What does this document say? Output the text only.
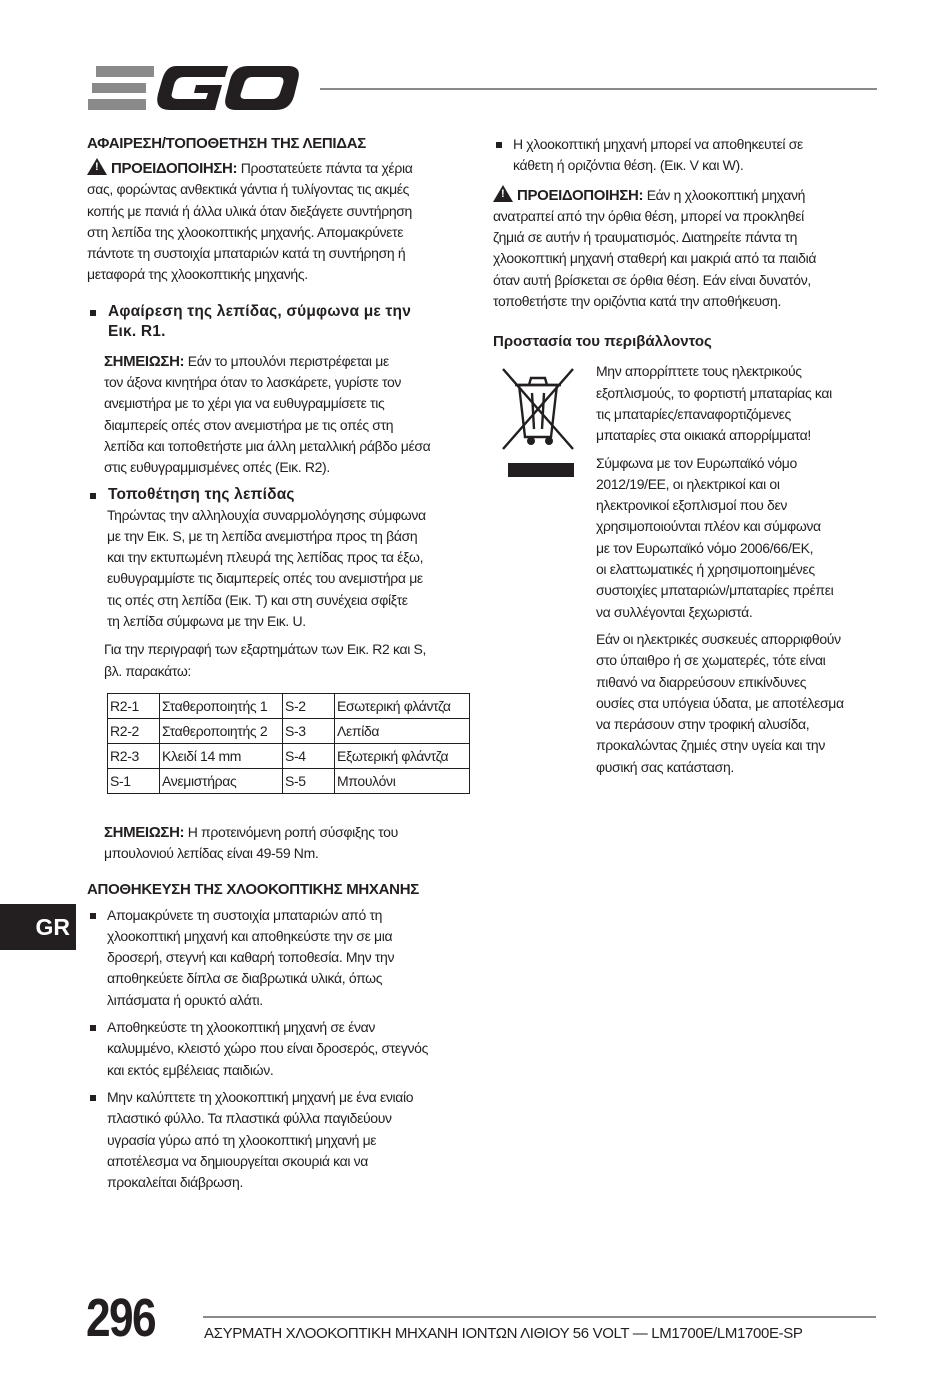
ΑΦΑΙΡΕΣΗ/ΤΟΠΟΘΕΤΗΣΗ ΤΗΣ ΛΕΠΙΔΑΣ
!ΠΡΟΕΙΔΟΠΟΙΗΣΗ: Προστατεύετε πάντα τα χέρια
σας, φορώντας ανθεκτικά γάντια ή τυλίγοντας τις ακμές
κοπής με πανιά ή άλλα υλικά όταν διεξάγετε συντήρηση
στη λεπίδα της χλοοκοπτικής μηχανής. Απομακρύνετε
πάντοτε τη συστοιχία μπαταριών κατά τη συντήρηση ή
μεταφορά της χλοοκοπτικής μηχανής.
Αφαίρεση της λεπίδας, σύμφωνα με την
Εικ. R1.
ΣΗΜΕΙΩΣΗ: Εάν το μπουλόνι περιστρέφεται με
τον άξονα κινητήρα όταν το λασκάρετε, γυρίστε τον
ανεμιστήρα με το χέρι για να ευθυγραμμίσετε τις
διαμπερείς οπές στον ανεμιστήρα με τις οπές στη
λεπίδα και τοποθετήστε μια άλλη μεταλλική ράβδο μέσα
στις ευθυγραμμισμένες οπές (Εικ. R2).
Τοποθέτηση της λεπίδας
Τηρώντας την αλληλουχία συναρμολόγησης σύμφωνα
με την Εικ. S, με τη λεπίδα ανεμιστήρα προς τη βάση
και την εκτυπωμένη πλευρά της λεπίδας προς τα έξω,
ευθυγραμμίστε τις διαμπερείς οπές του ανεμιστήρα με
τις οπές στη λεπίδα (Εικ. T) και στη συνέχεια σφίξτε
τη λεπίδα σύμφωνα με την Εικ. U.
Για την περιγραφή των εξαρτημάτων των Εικ. R2 και S,
βλ. παρακάτω:
R2-1	Σταθεροποιητής 1	S-2	Εσωτερική φλάντζα
R2-2	Σταθεροποιητής 2	S-3	Λεπίδα
R2-3	Κλειδί 14 mm	S-4	Εξωτερική φλάντζα
S-1	Ανεμιστήρας	S-5	Μπουλόνι
ΣΗΜΕΙΩΣΗ: Η προτεινόμενη ροπή σύσφιξης του
μπουλονιού λεπίδας είναι 49-59 Nm.
ΑΠΟΘΗΚΕΥΣΗ ΤΗΣ ΧΛΟΟΚΟΠΤΙΚΗΣ ΜΗΧΑΝΗΣ
Απομακρύνετε τη συστοιχία μπαταριών από τη
χλοοκοπτική μηχανή και αποθηκεύστε την σε μια
δροσερή, στεγνή και καθαρή τοποθεσία. Μην την
αποθηκεύετε δίπλα σε διαβρωτικά υλικά, όπως
λιπάσματα ή ορυκτό αλάτι.
Αποθηκεύστε τη χλοοκοπτική μηχανή σε έναν
καλυμμένο, κλειστό χώρο που είναι δροσερός, στεγνός
και εκτός εμβέλειας παιδιών.
Μην καλύπτετε τη χλοοκοπτική μηχανή με ένα ενιαίο
πλαστικό φύλλο. Τα πλαστικά φύλλα παγιδεύουν
υγρασία γύρω από τη χλοοκοπτική μηχανή με
αποτέλεσμα να δημιουργείται σκουριά και να
προκαλείται διάβρωση.
Η χλοοκοπτική μηχανή μπορεί να αποθηκευτεί σε
κάθετη ή οριζόντια θέση. (Εικ. V και W).
!ΠΡΟΕΙΔΟΠΟΙΗΣΗ: Εάν η χλοοκοπτική μηχανή
ανατραπεί από την όρθια θέση, μπορεί να προκληθεί
ζημιά σε αυτήν ή τραυματισμός. Διατηρείτε πάντα τη
χλοοκοπτική μηχανή σταθερή και μακριά από τα παιδιά
όταν αυτή βρίσκεται σε όρθια θέση. Εάν είναι δυνατόν,
τοποθετήστε την οριζόντια κατά την αποθήκευση.
Προστασία του περιβάλλοντος
Μην απορρίπτετε τους ηλεκτρικούς
εξοπλισμούς, το φορτιστή μπαταρίας και
τις μπαταρίες/επαναφορτιζόμενες
μπαταρίες στα οικιακά απορρίμματα!
Σύμφωνα με τον Ευρωπαϊκό νόμο
2012/19/ΕΕ, οι ηλεκτρικοί και οι
ηλεκτρονικοί εξοπλισμοί που δεν
χρησιμοποιούνται πλέον και σύμφωνα
με τον Ευρωπαϊκό νόμο 2006/66/ΕΚ,
οι ελαττωματικές ή χρησιμοποιημένες
συστοιχίες μπαταριών/μπαταρίες πρέπει
να συλλέγονται ξεχωριστά.
Εάν οι ηλεκτρικές συσκευές απορριφθούν
στο ύπαιθρο ή σε χωματερές, τότε είναι
πιθανό να διαρρεύσουν επικίνδυνες
ουσίες στα υπόγεια ύδατα, με αποτέλεσμα
να περάσουν στην τροφική αλυσίδα,
προκαλώντας ζημιές στην υγεία και την
φυσική σας κατάσταση.
GR
296	ΑΣΥΡΜΑΤΗ ΧΛΟΟΚΟΠΤΙΚΗ ΜΗΧΑΝΗ ΙΟΝΤΩΝ ΛΙΘΙΟΥ 56 VOLT — LM1700E/LM1700E-SP
